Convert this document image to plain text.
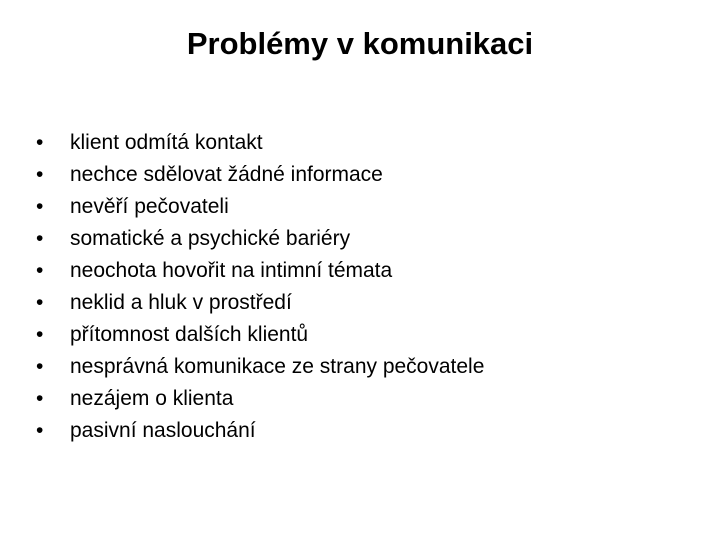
Problémy v komunikaci
•	klient odmítá kontakt
•	nechce sdělovat žádné informace
•	nevěří pečovateli
•	somatické a psychické bariéry
•	neochota hovořit na intimní témata
•	neklid a hluk v prostředí
•	přítomnost dalších klientů
•	nesprávná komunikace ze strany pečovatele
•	nezájem o klienta
•	pasivní naslouchání
